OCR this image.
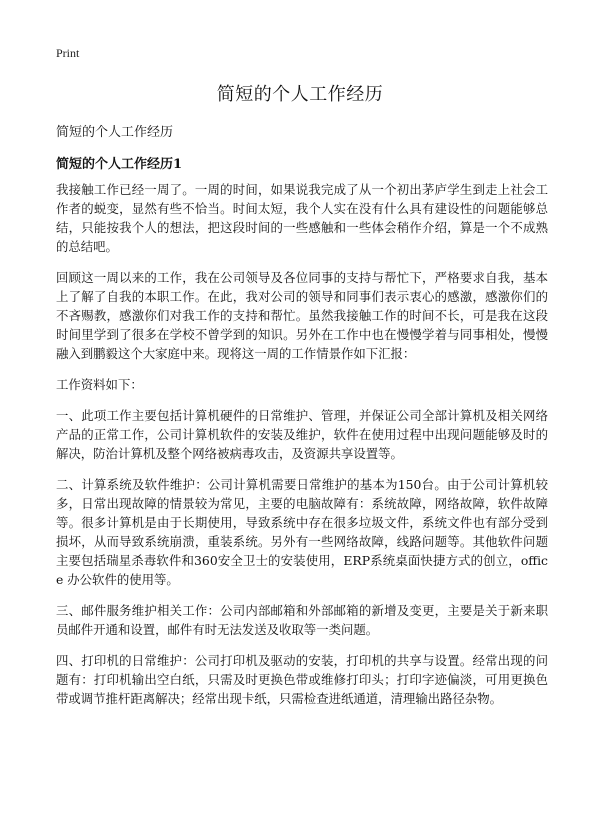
Print
简短的个人工作经历
简短的个人工作经历
简短的个人工作经历1

我接触工作已经一周了。一周的时间，如果说我完成了从一个初出茅庐学生到走上社会工作者的蜕变，显然有些不恰当。时间太短，我个人实在没有什么具有建设性的问题能够总结，只能按我个人的想法，把这段时间的一些感触和一些体会稍作介绍，算是一个不成熟的总结吧。

回顾这一周以来的工作，我在公司领导及各位同事的支持与帮忙下，严格要求自我，基本上了解了自我的本职工作。在此，我对公司的领导和同事们表示衷心的感激，感激你们的不吝赐教，感激你们对我工作的支持和帮忙。虽然我接触工作的时间不长，可是我在这段时间里学到了很多在学校不曾学到的知识。另外在工作中也在慢慢学着与同事相处，慢慢融入到鹏毅这个大家庭中来。现将这一周的工作情景作如下汇报：

工作资料如下：

一、此项工作主要包括计算机硬件的日常维护、管理，并保证公司全部计算机及相关网络产品的正常工作，公司计算机软件的安装及维护，软件在使用过程中出现问题能够及时的解决，防治计算机及整个网络被病毒攻击，及资源共享设置等。

二、计算系统及软件维护：公司计算机需要日常维护的基本为150台。由于公司计算机较多，日常出现故障的情景较为常见，主要的电脑故障有：系统故障，网络故障，软件故障等。很多计算机是由于长期使用，导致系统中存在很多垃圾文件，系统文件也有部分受到损坏，从而导致系统崩溃，重装系统。另外有一些网络故障，线路问题等。其他软件问题主要包括瑞星杀毒软件和360安全卫士的安装使用，ERP系统桌面快捷方式的创立，office 办公软件的使用等。

三、邮件服务维护相关工作：公司内部邮箱和外部邮箱的新增及变更，主要是关于新来职员邮件开通和设置，邮件有时无法发送及收取等一类问题。

四、打印机的日常维护：公司打印机及驱动的安装，打印机的共享与设置。经常出现的问题有：打印机输出空白纸，只需及时更换色带或维修打印头；打印字迹偏淡，可用更换色带或调节推杆距离解决；经常出现卡纸，只需检查进纸通道，清理输出路径杂物。
